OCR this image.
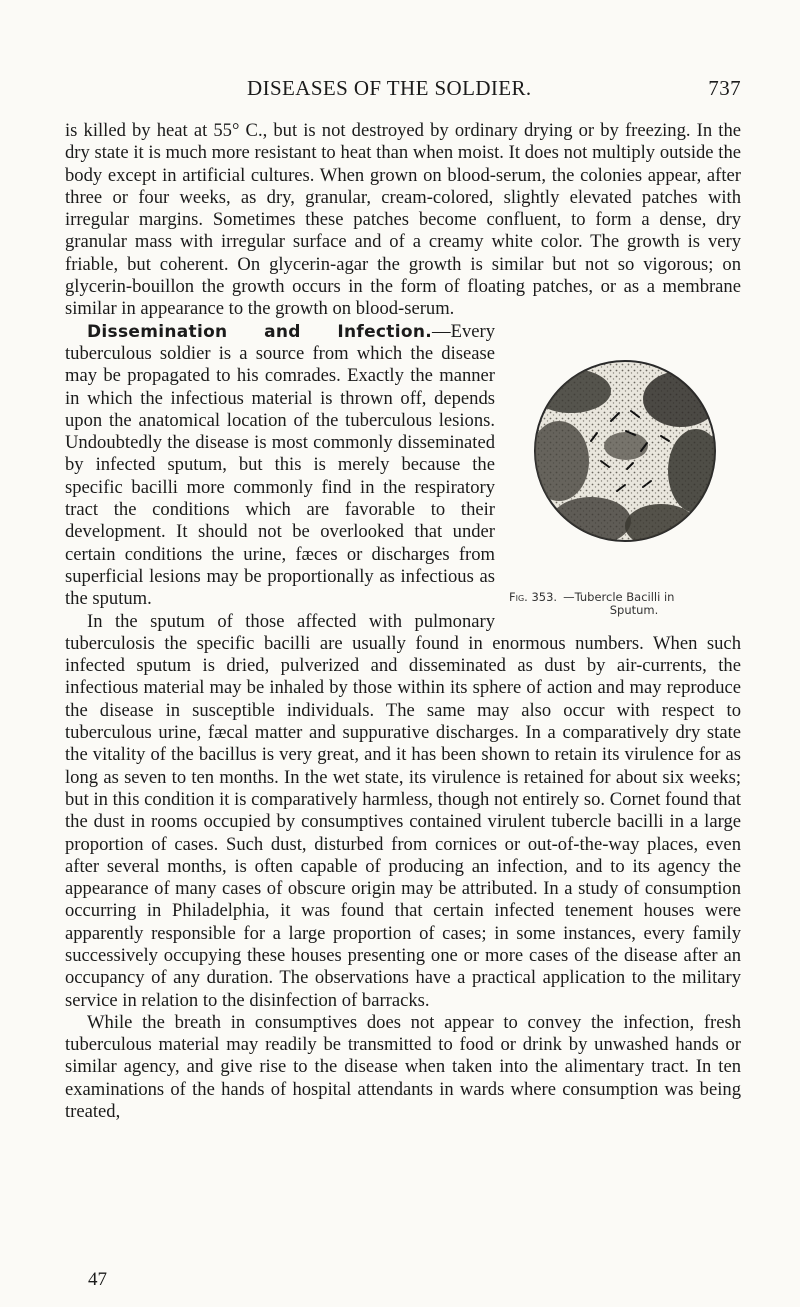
DISEASES OF THE SOLDIER.	737

is killed by heat at 55° C., but is not destroyed by ordinary drying or by freezing. In the dry state it is much more resistant to heat than when moist. It does not multiply outside the body except in artificial cultures. When grown on blood-serum, the colonies appear, after three or four weeks, as dry, granular, cream-colored, slightly elevated patches with irregular margins. Sometimes these patches become confluent, to form a dense, dry granular mass with irregular surface and of a creamy white color. The growth is very friable, but coherent. On glycerin-agar the growth is similar but not so vigorous; on glycerin-bouillon the growth occurs in the form of floating patches, or as a membrane similar in appearance to the growth on blood-serum.

Fig. 353. —Tubercle Bacilli in
Sputum.

Dissemination and Infection.—Every tuberculous soldier is a source from which the disease may be propagated to his comrades. Exactly the manner in which the infectious material is thrown off, depends upon the anatomical location of the tuberculous lesions. Undoubtedly the disease is most commonly disseminated by infected sputum, but this is merely because the specific bacilli more commonly find in the respiratory tract the conditions which are favorable to their development. It should not be overlooked that under certain conditions the urine, fæces or discharges from superficial lesions may be proportionally as infectious as the sputum.

In the sputum of those affected with pulmonary tuberculosis the specific bacilli are usually found in enormous numbers. When such infected sputum is dried, pulverized and disseminated as dust by air-currents, the infectious material may be inhaled by those within its sphere of action and may reproduce the disease in susceptible individuals. The same may also occur with respect to tuberculous urine, fæcal matter and suppurative discharges. In a comparatively dry state the vitality of the bacillus is very great, and it has been shown to retain its virulence for as long as seven to ten months. In the wet state, its virulence is retained for about six weeks; but in this condition it is comparatively harmless, though not entirely so. Cornet found that the dust in rooms occupied by consumptives contained virulent tubercle bacilli in a large proportion of cases. Such dust, disturbed from cornices or out-of-the-way places, even after several months, is often capable of producing an infection, and to its agency the appearance of many cases of obscure origin may be attributed. In a study of consumption occurring in Philadelphia, it was found that certain infected tenement houses were apparently responsible for a large proportion of cases; in some instances, every family successively occupying these houses presenting one or more cases of the disease after an occupancy of any duration. The observations have a practical application to the military service in relation to the disinfection of barracks.

While the breath in consumptives does not appear to convey the infection, fresh tuberculous material may readily be transmitted to food or drink by unwashed hands or similar agency, and give rise to the disease when taken into the alimentary tract. In ten examinations of the hands of hospital attendants in wards where consumption was being treated,

47
